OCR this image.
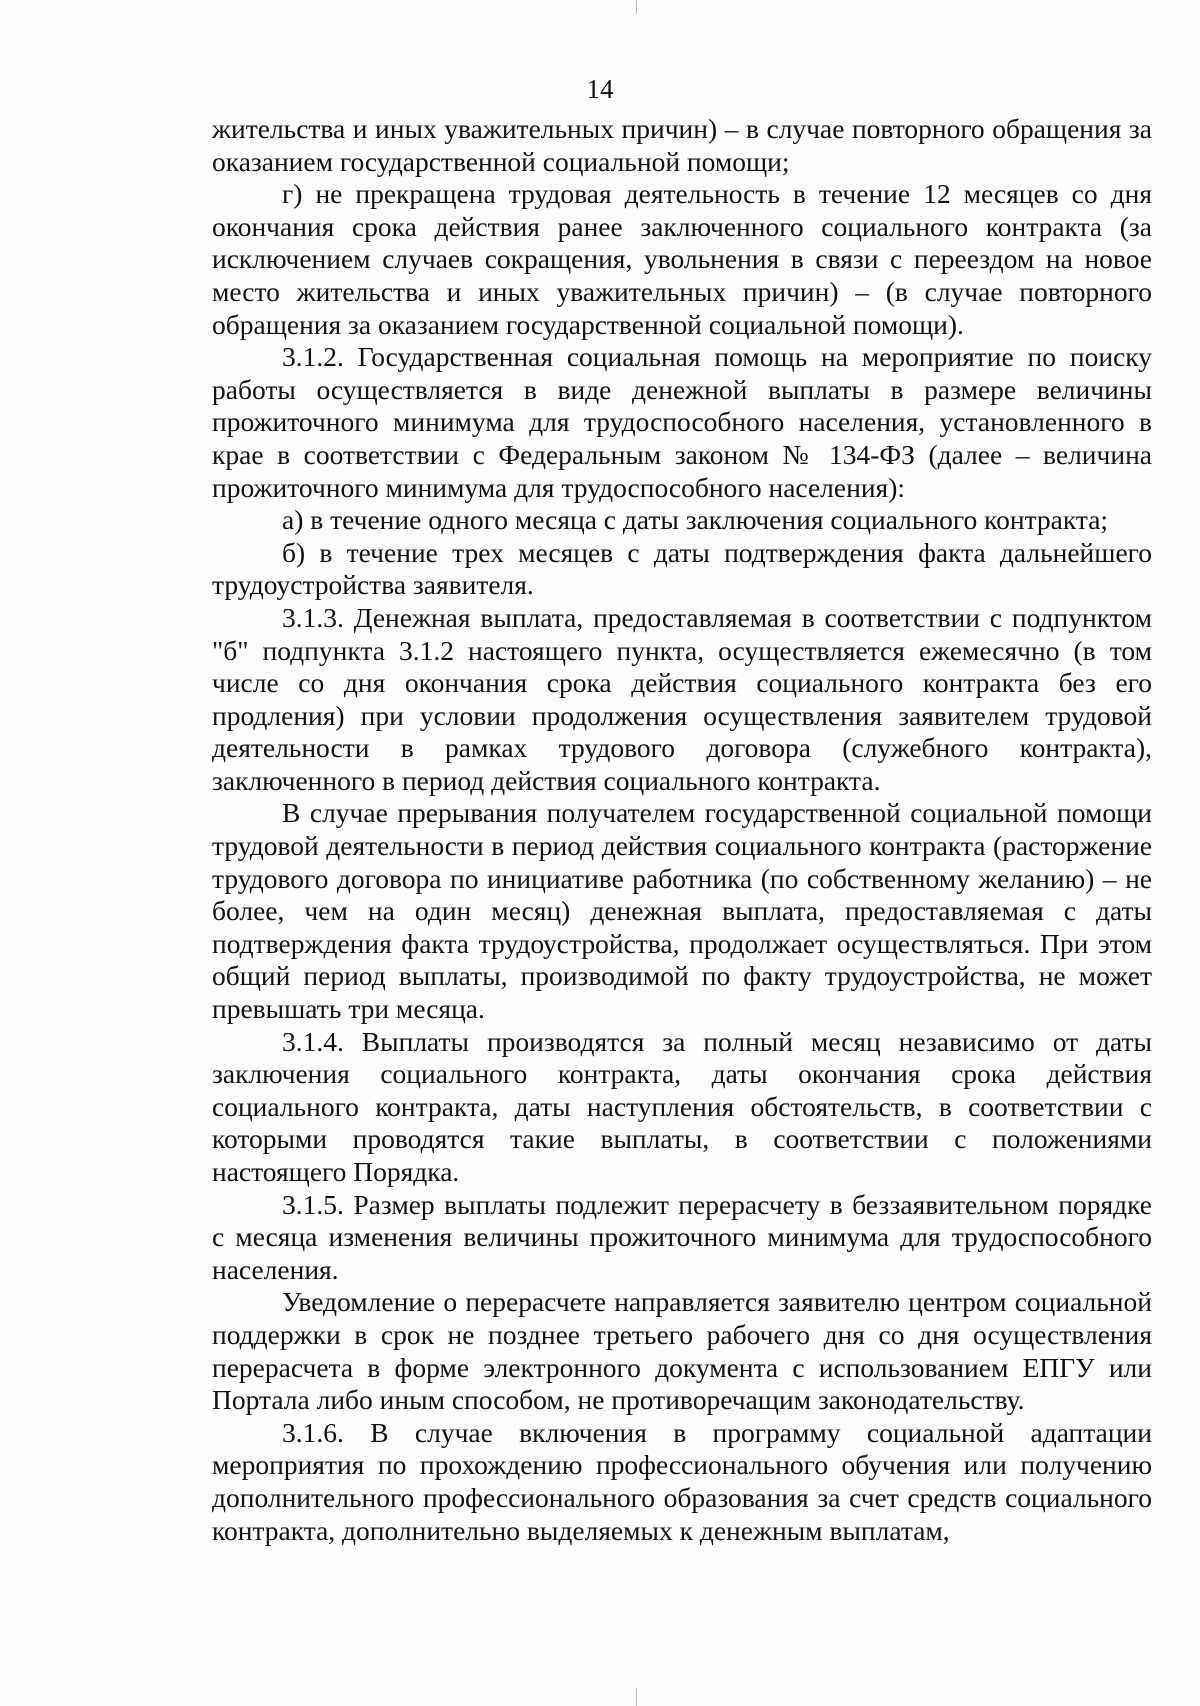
14

жительства и иных уважительных причин) – в случае повторного обращения за оказанием государственной социальной помощи;

г) не прекращена трудовая деятельность в течение 12 месяцев со дня окончания срока действия ранее заключенного социального контракта (за исключением случаев сокращения, увольнения в связи с переездом на новое место жительства и иных уважительных причин) – (в случае повторного обращения за оказанием государственной социальной помощи).

3.1.2. Государственная социальная помощь на мероприятие по поиску работы осуществляется в виде денежной выплаты в размере величины прожиточного минимума для трудоспособного населения, установленного в крае в соответствии с Федеральным законом № 134-ФЗ (далее – величина прожиточного минимума для трудоспособного населения):

а) в течение одного месяца с даты заключения социального контракта;

б) в течение трех месяцев с даты подтверждения факта дальнейшего трудоустройства заявителя.

3.1.3. Денежная выплата, предоставляемая в соответствии с подпунктом "б" подпункта 3.1.2 настоящего пункта, осуществляется ежемесячно (в том числе со дня окончания срока действия социального контракта без его продления) при условии продолжения осуществления заявителем трудовой деятельности в рамках трудового договора (служебного контракта), заключенного в период действия социального контракта.

В случае прерывания получателем государственной социальной помощи трудовой деятельности в период действия социального контракта (расторжение трудового договора по инициативе работника (по собственному желанию) – не более, чем на один месяц) денежная выплата, предоставляемая с даты подтверждения факта трудоустройства, продолжает осуществляться. При этом общий период выплаты, производимой по факту трудоустройства, не может превышать три месяца.

3.1.4. Выплаты производятся за полный месяц независимо от даты заключения социального контракта, даты окончания срока действия социального контракта, даты наступления обстоятельств, в соответствии с которыми проводятся такие выплаты, в соответствии с положениями настоящего Порядка.

3.1.5. Размер выплаты подлежит перерасчету в беззаявительном порядке с месяца изменения величины прожиточного минимума для трудоспособного населения.

Уведомление о перерасчете направляется заявителю центром социальной поддержки в срок не позднее третьего рабочего дня со дня осуществления перерасчета в форме электронного документа с использованием ЕПГУ или Портала либо иным способом, не противоречащим законодательству.

3.1.6. В случае включения в программу социальной адаптации мероприятия по прохождению профессионального обучения или получению дополнительного профессионального образования за счет средств социального контракта, дополнительно выделяемых к денежным выплатам,
